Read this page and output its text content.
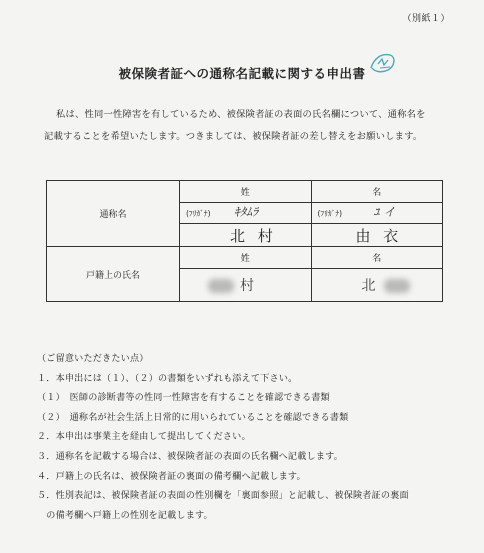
（別紙１）
被保険者証への通称名記載に関する申出書

私は、性同一性障害を有しているため、被保険者証の表面の氏名欄について、通称名を

記載することを希望いたします。つきましては、被保険者証の差し替えをお願いします。

通称名	姓	名

	(ﾌﾘｶﾞﾅ) ｷﾀﾑﾗ	(ﾌﾘｶﾞﾅ) ﾕ イ

	北 村	由 衣

戸籍上の氏名	姓	名

	村	北
（ご留意いただきたい点）
１．本申出には（１）、（２）の書類をいずれも添えて下さい。
（１）　医師の診断書等の性同一性障害を有することを確認できる書類
（２）　通称名が社会生活上日常的に用いられていることを確認できる書類
２．本申出は事業主を経由して提出してください。
３．通称名を記載する場合は、被保険者証の表面の氏名欄へ記載します。
４．戸籍上の氏名は、被保険者証の裏面の備考欄へ記載します。
５．性別表記は、被保険者証の表面の性別欄を「裏面参照」と記載し、被保険者証の裏面
　の備考欄へ戸籍上の性別を記載します。
